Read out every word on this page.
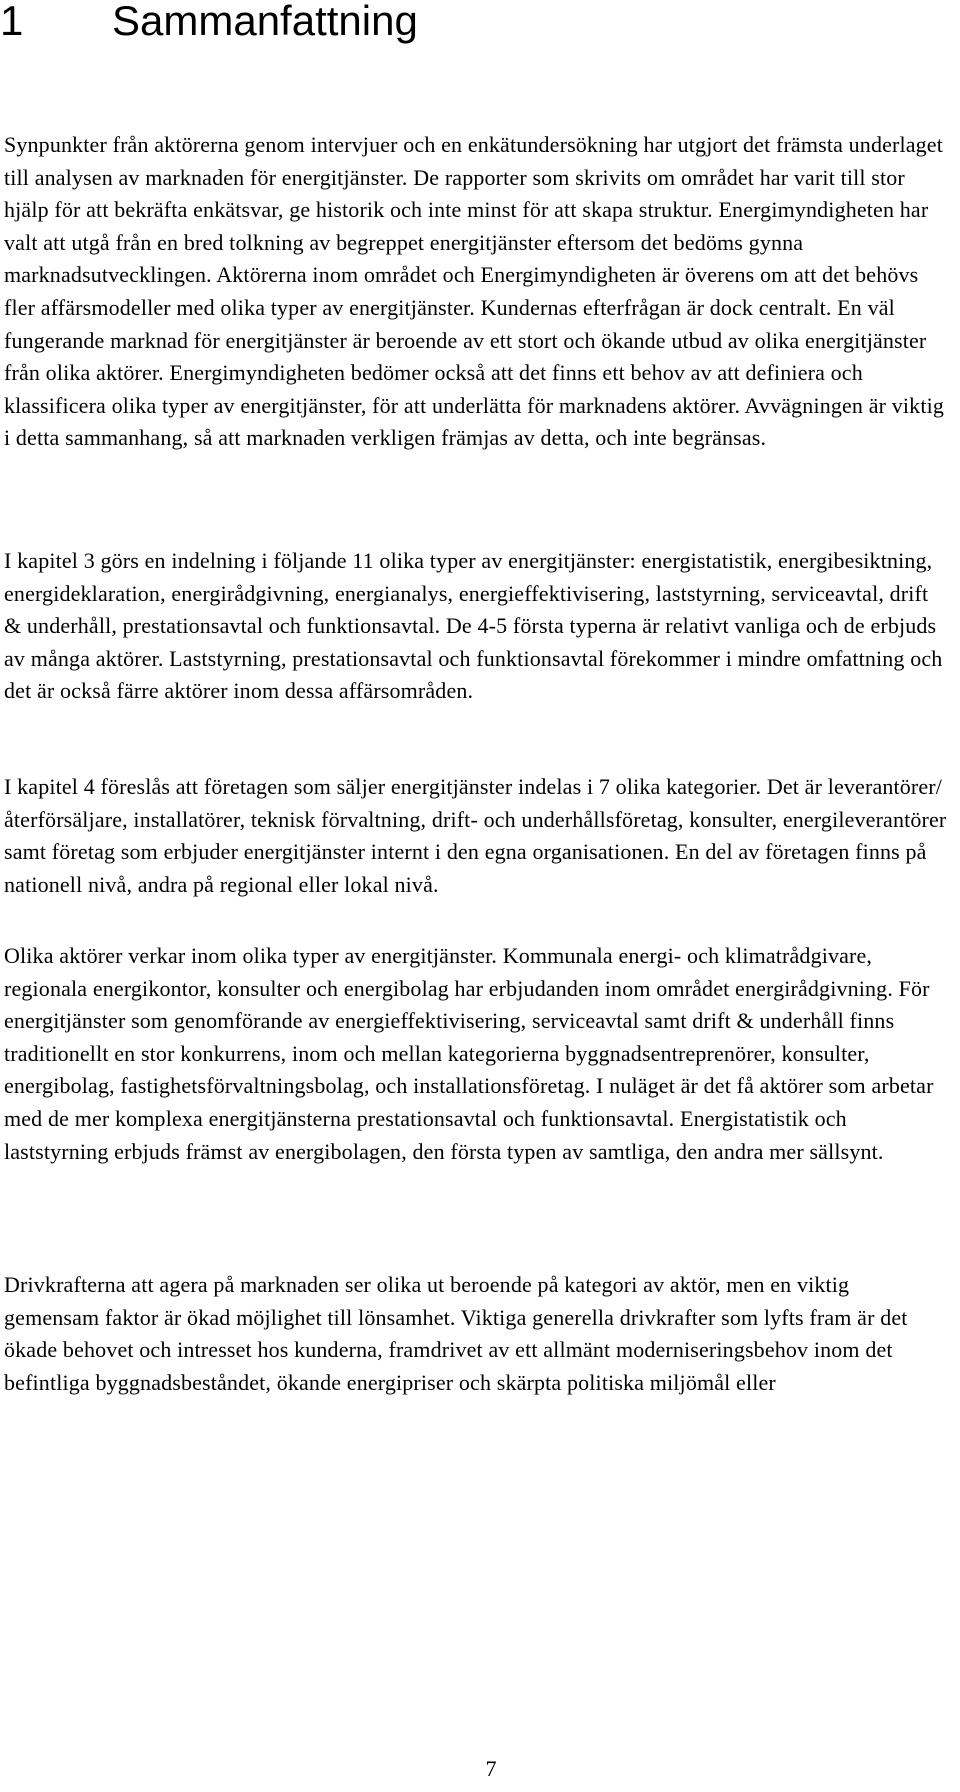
1 Sammanfattning

Synpunkter från aktörerna genom intervjuer och en enkätundersökning har utgjort det främsta underlaget till analysen av marknaden för energitjänster. De rapporter som skrivits om området har varit till stor hjälp för att bekräfta enkätsvar, ge historik och inte minst för att skapa struktur. Energimyndigheten har valt att utgå från en bred tolkning av begreppet energitjänster eftersom det bedöms gynna marknadsutvecklingen. Aktörerna inom området och Energimyndigheten är överens om att det behövs fler affärsmodeller med olika typer av energitjänster. Kundernas efterfrågan är dock centralt. En väl fungerande marknad för energitjänster är beroende av ett stort och ökande utbud av olika energitjänster från olika aktörer. Energimyndigheten bedömer också att det finns ett behov av att definiera och klassificera olika typer av energitjänster, för att underlätta för marknadens aktörer. Avvägningen är viktig i detta sammanhang, så att marknaden verkligen främjas av detta, och inte begränsas.

I kapitel 3 görs en indelning i följande 11 olika typer av energitjänster: energistatistik, energibesiktning, energideklaration, energirådgivning, energianalys, energieffektivisering, laststyrning, serviceavtal, drift & underhåll, prestationsavtal och funktionsavtal. De 4-5 första typerna är relativt vanliga och de erbjuds av många aktörer. Laststyrning, prestationsavtal och funktionsavtal förekommer i mindre omfattning och det är också färre aktörer inom dessa affärsområden.

I kapitel 4 föreslås att företagen som säljer energitjänster indelas i 7 olika kategorier. Det är leverantörer/återförsäljare, installatörer, teknisk förvaltning, drift- och underhållsföretag, konsulter, energileverantörer samt företag som erbjuder energitjänster internt i den egna organisationen. En del av företagen finns på nationell nivå, andra på regional eller lokal nivå.

Olika aktörer verkar inom olika typer av energitjänster. Kommunala energi- och klimatrådgivare, regionala energikontor, konsulter och energibolag har erbjudanden inom området energirådgivning. För energitjänster som genomförande av energieffektivisering, serviceavtal samt drift & underhåll finns traditionellt en stor konkurrens, inom och mellan kategorierna byggnadsentreprenörer, konsulter, energibolag, fastighetsförvaltningsbolag, och installationsföretag. I nuläget är det få aktörer som arbetar med de mer komplexa energitjänsterna prestationsavtal och funktionsavtal. Energistatistik och laststyrning erbjuds främst av energibolagen, den första typen av samtliga, den andra mer sällsynt.

Drivkrafterna att agera på marknaden ser olika ut beroende på kategori av aktör, men en viktig gemensam faktor är ökad möjlighet till lönsamhet. Viktiga generella drivkrafter som lyfts fram är det ökade behovet och intresset hos kunderna, framdrivet av ett allmänt moderniseringsbehov inom det befintliga byggnadsbeståndet, ökande energipriser och skärpta politiska miljömål eller

7
